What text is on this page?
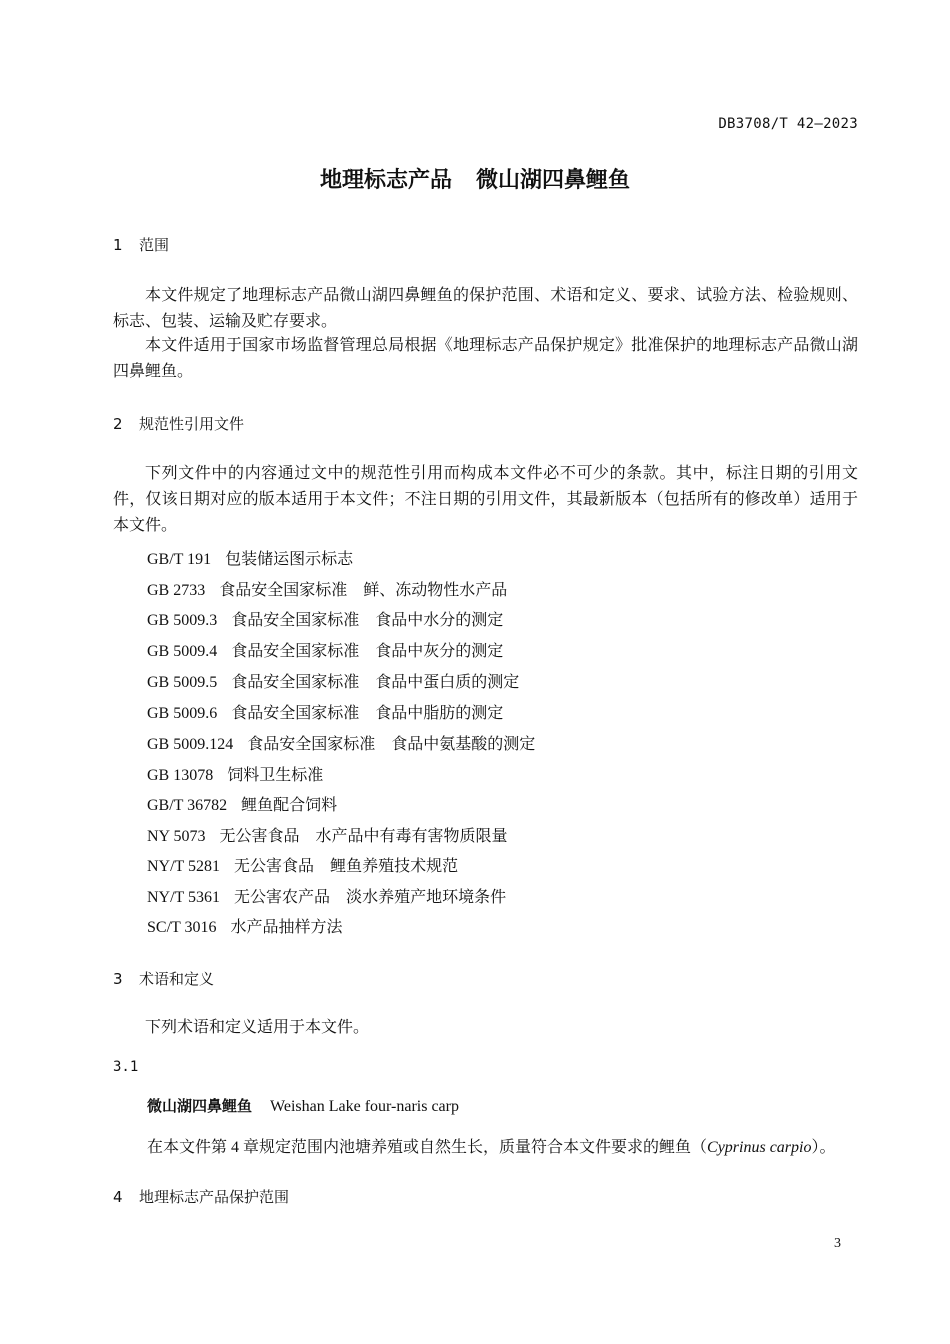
DB3708/T 42—2023
地理标志产品 微山湖四鼻鲤鱼
1 范围
本文件规定了地理标志产品微山湖四鼻鲤鱼的保护范围、术语和定义、要求、试验方法、检验规则、标志、包装、运输及贮存要求。
本文件适用于国家市场监督管理总局根据《地理标志产品保护规定》批准保护的地理标志产品微山湖四鼻鲤鱼。
2 规范性引用文件
下列文件中的内容通过文中的规范性引用而构成本文件必不可少的条款。其中，标注日期的引用文件，仅该日期对应的版本适用于本文件；不注日期的引用文件，其最新版本（包括所有的修改单）适用于本文件。
GB/T 191 包装储运图示标志
GB 2733 食品安全国家标准 鲜、冻动物性水产品
GB 5009.3 食品安全国家标准 食品中水分的测定
GB 5009.4 食品安全国家标准 食品中灰分的测定
GB 5009.5 食品安全国家标准 食品中蛋白质的测定
GB 5009.6 食品安全国家标准 食品中脂肪的测定
GB 5009.124 食品安全国家标准 食品中氨基酸的测定
GB 13078 饲料卫生标准
GB/T 36782 鲤鱼配合饲料
NY 5073 无公害食品 水产品中有毒有害物质限量
NY/T 5281 无公害食品 鲤鱼养殖技术规范
NY/T 5361 无公害农产品 淡水养殖产地环境条件
SC/T 3016 水产品抽样方法
3 术语和定义
下列术语和定义适用于本文件。
3.1
微山湖四鼻鲤鱼 Weishan Lake four-naris carp
在本文件第 4 章规定范围内池塘养殖或自然生长，质量符合本文件要求的鲤鱼（Cyprinus carpio）。
4 地理标志产品保护范围
3
